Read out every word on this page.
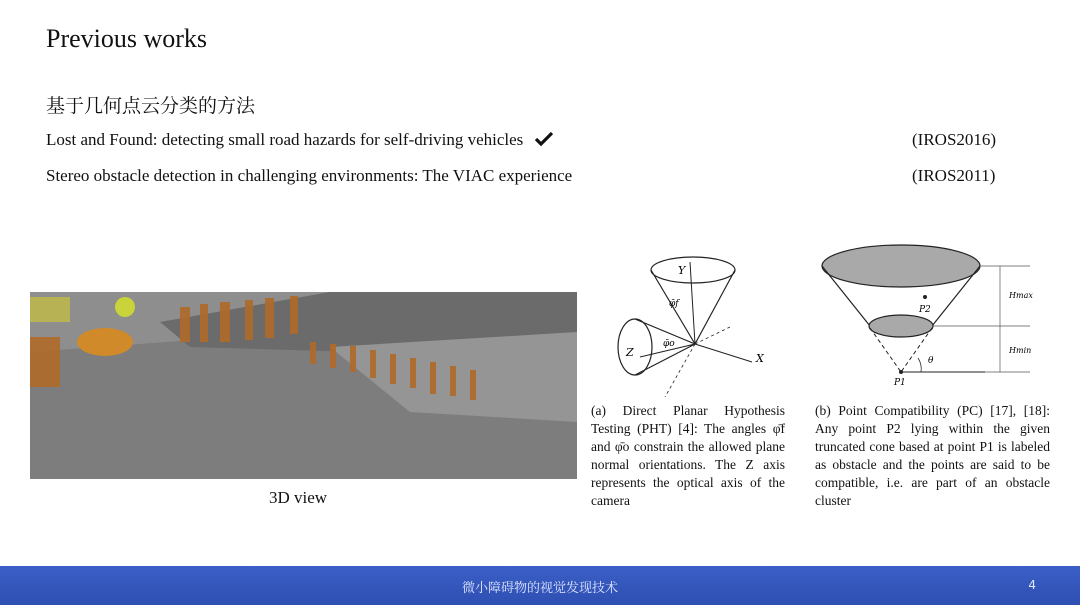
Previous works
基于几何点云分类的方法
Lost and Found: detecting small road hazards for self-driving vehicles	(IROS2016)
Stereo obstacle detection in challenging environments: The VIAC experience	(IROS2011)
3D view
Y
Z	X
φ̄f
φ̄o
(a) Direct Planar Hypothesis Testing (PHT) [4]: The angles φ̄f and φ̄o constrain the allowed plane normal orientations. The Z axis represents the optical axis of the camera
P2
P1
Hmax
Hmin
θ
(b) Point Compatibility (PC) [17], [18]: Any point P2 lying within the given truncated cone based at point P1 is labeled as obstacle and the points are said to be compatible, i.e. are part of an obstacle cluster
微小障碍物的视觉发现技术	4
